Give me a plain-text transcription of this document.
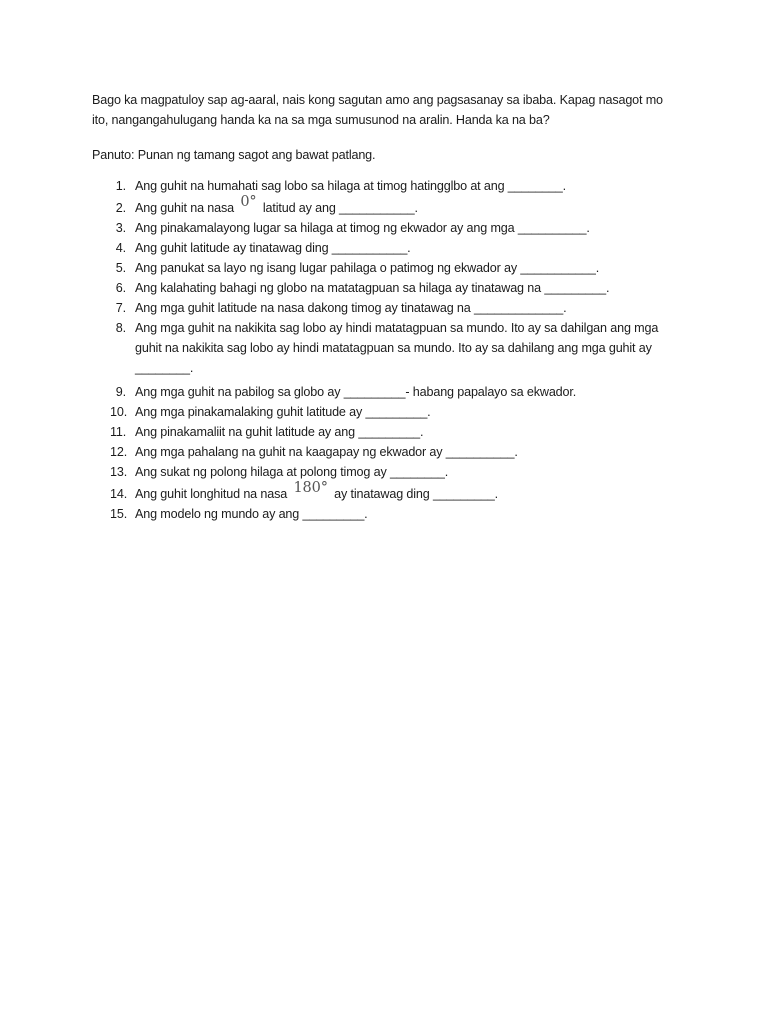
Bago ka magpatuloy sap ag-aaral, nais kong sagutan amo ang pagsasanay sa ibaba. Kapag nasagot mo
ito, nangangahulugang handa ka na sa mga sumusunod na aralin. Handa ka na ba?

Panuto: Punan ng tamang sagot ang bawat patlang.

1. Ang guhit na humahati sag lobo sa hilaga at timog hatingglbo at ang ________.
2. Ang guhit na nasa 0° latitud ay ang ___________.
3. Ang pinakamalayong lugar sa hilaga at timog ng ekwador ay ang mga __________.
4. Ang guhit latitude ay tinatawag ding ___________.
5. Ang panukat sa layo ng isang lugar pahilaga o patimog ng ekwador ay ___________.
6. Ang kalahating bahagi ng globo na matatagpuan sa hilaga ay tinatawag na _________.
7. Ang mga guhit latitude na nasa dakong timog ay tinatawag na _____________.
8. Ang mga guhit na nakikita sag lobo ay hindi matatagpuan sa mundo. Ito ay sa dahilgan ang mga
guhit na nakikita sag lobo ay hindi matatagpuan sa mundo. Ito ay sa dahilang ang mga guhit ay
________.
9. Ang mga guhit na pabilog sa globo ay _________- habang papalayo sa ekwador.
10. Ang mga pinakamalaking guhit latitude ay _________.
11. Ang pinakamaliit na guhit latitude ay ang _________.
12. Ang mga pahalang na guhit na kaagapay ng ekwador ay __________.
13. Ang sukat ng polong hilaga at polong timog ay ________.
14. Ang guhit longhitud na nasa 180° ay tinatawag ding _________.
15. Ang modelo ng mundo ay ang _________.
